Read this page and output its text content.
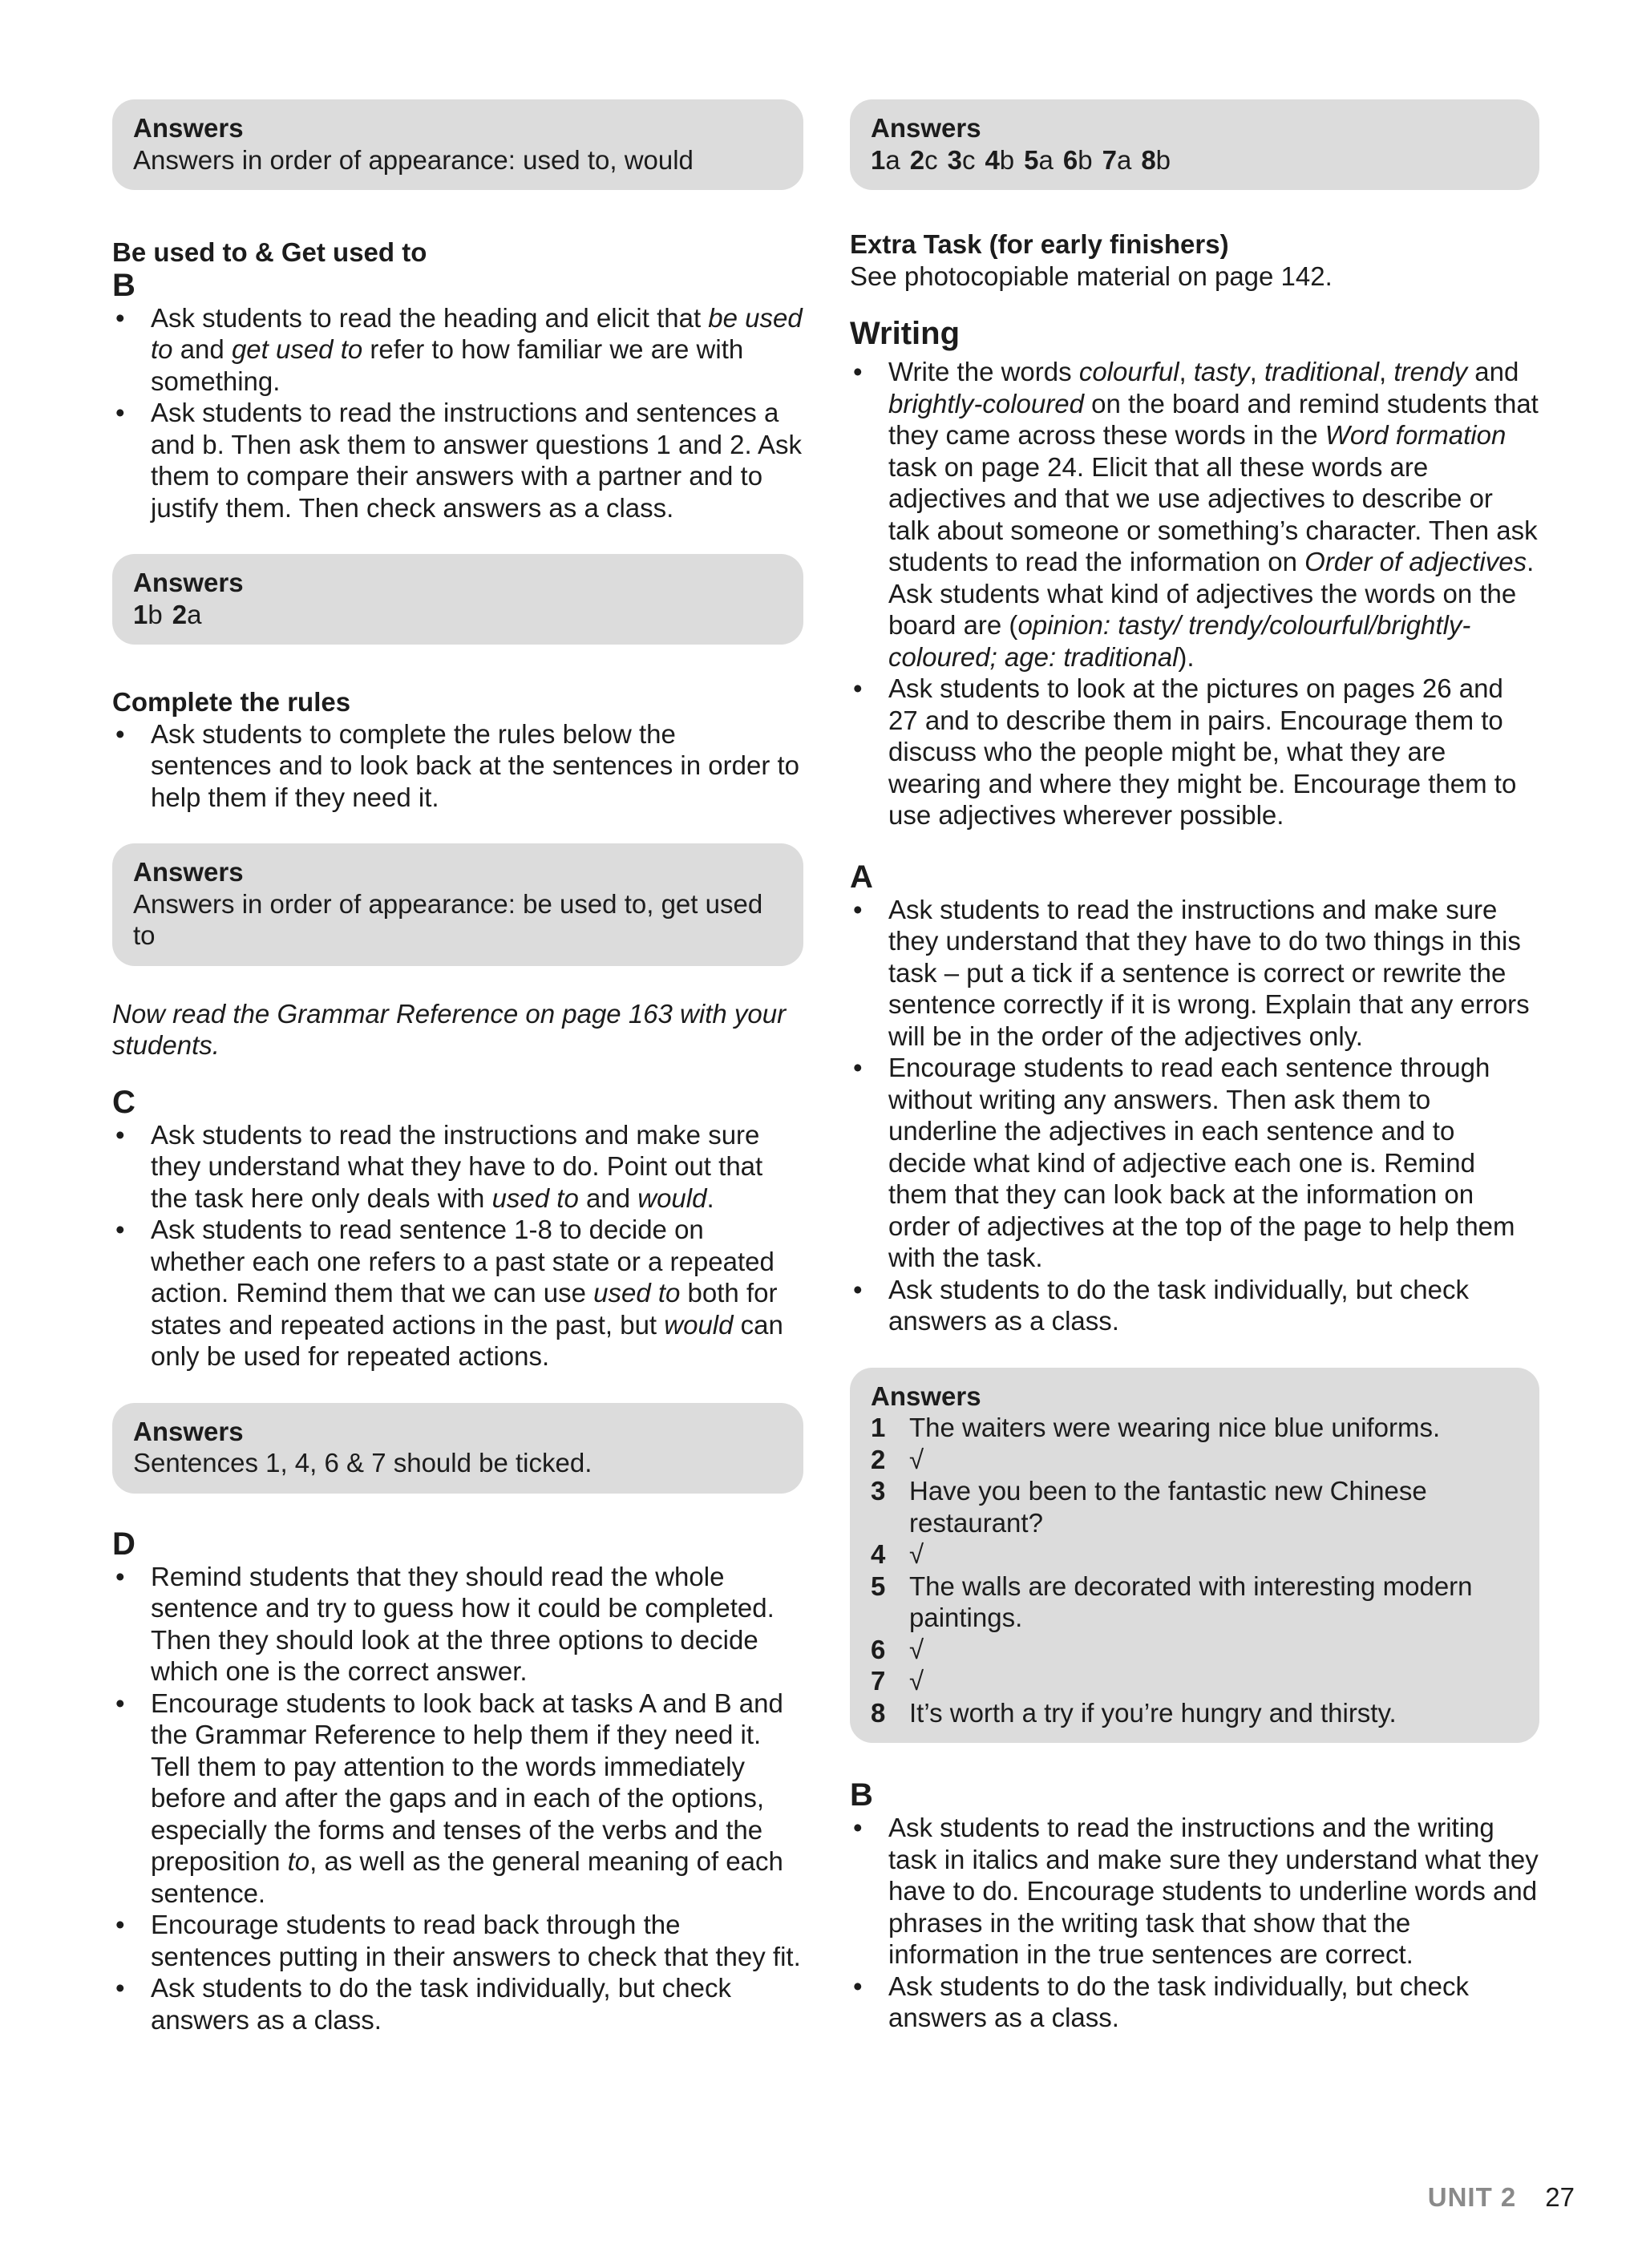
Answers
Answers in order of appearance: used to, would
Be used to & Get used to
B
• Ask students to read the heading and elicit that be used to and get used to refer to how familiar we are with something.
• Ask students to read the instructions and sentences a and b. Then ask them to answer questions 1 and 2. Ask them to compare their answers with a partner and to justify them. Then check answers as a class.
Answers
1b 2a
Complete the rules
• Ask students to complete the rules below the sentences and to look back at the sentences in order to help them if they need it.
Answers
Answers in order of appearance: be used to, get used to
Now read the Grammar Reference on page 163 with your students.
C
• Ask students to read the instructions and make sure they understand what they have to do. Point out that the task here only deals with used to and would.
• Ask students to read sentence 1-8 to decide on whether each one refers to a past state or a repeated action. Remind them that we can use used to both for states and repeated actions in the past, but would can only be used for repeated actions.
Answers
Sentences 1, 4, 6 & 7 should be ticked.
D
• Remind students that they should read the whole sentence and try to guess how it could be completed. Then they should look at the three options to decide which one is the correct answer.
• Encourage students to look back at tasks A and B and the Grammar Reference to help them if they need it. Tell them to pay attention to the words immediately before and after the gaps and in each of the options, especially the forms and tenses of the verbs and the preposition to, as well as the general meaning of each sentence.
• Encourage students to read back through the sentences putting in their answers to check that they fit.
• Ask students to do the task individually, but check answers as a class.
Answers
1a 2c 3c 4b 5a 6b 7a 8b
Extra Task (for early finishers)
See photocopiable material on page 142.
Writing
• Write the words colourful, tasty, traditional, trendy and brightly-coloured on the board and remind students that they came across these words in the Word formation task on page 24. Elicit that all these words are adjectives and that we use adjectives to describe or talk about someone or something’s character. Then ask students to read the information on Order of adjectives. Ask students what kind of adjectives the words on the board are (opinion: tasty/ trendy/colourful/brightly-coloured; age: traditional).
• Ask students to look at the pictures on pages 26 and 27 and to describe them in pairs. Encourage them to discuss who the people might be, what they are wearing and where they might be. Encourage them to use adjectives wherever possible.
A
• Ask students to read the instructions and make sure they understand that they have to do two things in this task – put a tick if a sentence is correct or rewrite the sentence correctly if it is wrong. Explain that any errors will be in the order of the adjectives only.
• Encourage students to read each sentence through without writing any answers. Then ask them to underline the adjectives in each sentence and to decide what kind of adjective each one is. Remind them that they can look back at the information on order of adjectives at the top of the page to help them with the task.
• Ask students to do the task individually, but check answers as a class.
Answers
1 The waiters were wearing nice blue uniforms.
2 √
3 Have you been to the fantastic new Chinese restaurant?
4 √
5 The walls are decorated with interesting modern paintings.
6 √
7 √
8 It’s worth a try if you’re hungry and thirsty.
B
• Ask students to read the instructions and the writing task in italics and make sure they understand what they have to do. Encourage students to underline words and phrases in the writing task that show that the information in the true sentences are correct.
• Ask students to do the task individually, but check answers as a class.
UNIT 2 27
